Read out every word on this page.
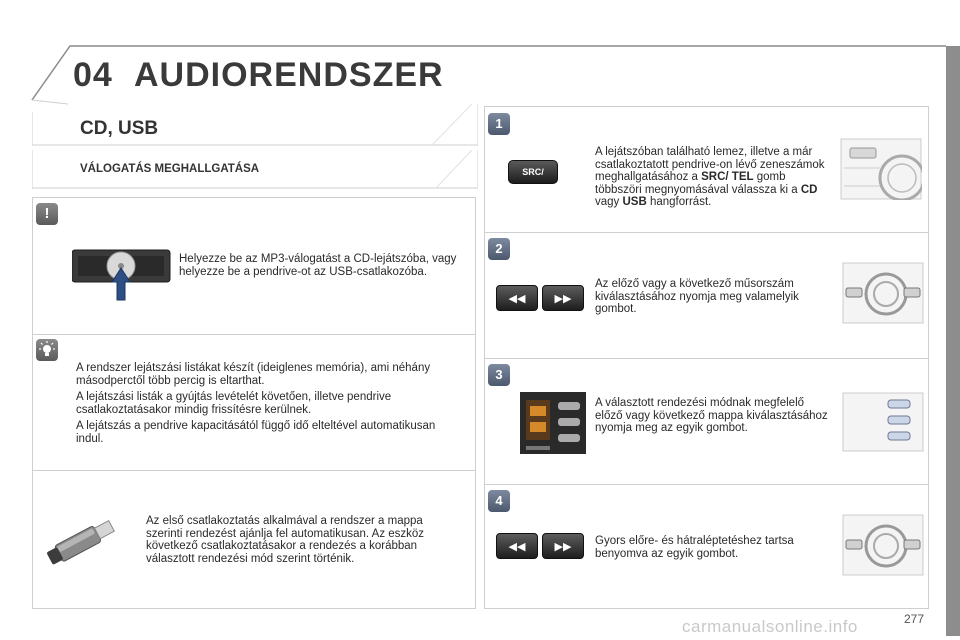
04 AUDIORENDSZER
CD, USB
VÁLOGATÁS MEGHALLGATÁSA
!
Helyezze be az MP3-válogatást a CD-lejátszóba, vagy helyezze be a pendrive-ot az USB-csatlakozóba.

A rendszer lejátszási listákat készít (ideiglenes memória), ami néhány másodperctől több percig is eltarthat.

A lejátszási listák a gyújtás levételét követően, illetve pendrive csatlakoztatásakor mindig frissítésre kerülnek.

A lejátszás a pendrive kapacitásától függő idő elteltével automatikusan indul.

Az első csatlakoztatás alkalmával a rendszer a mappa szerinti rendezést ajánlja fel automatikusan. Az eszköz következő csatlakoztatásakor a rendezés a korábban választott rendezési mód szerint történik.
1
SRC/
A lejátszóban található lemez, illetve a már csatlakoztatott pendrive-on lévő zeneszámok meghallgatásához a SRC/ TEL gomb többszöri megnyomásával válassza ki a CD vagy USB hangforrást.
2
◀◀	▶▶
Az előző vagy a következő műsorszám kiválasztásához nyomja meg valamelyik gombot.
3
A választott rendezési módnak megfelelő előző vagy következő mappa kiválasztásához nyomja meg az egyik gombot.
4
◀◀	▶▶	Gyors előre- és hátraléptetéshez tartsa benyomva az egyik gombot.
carmanualsonline.info	277
